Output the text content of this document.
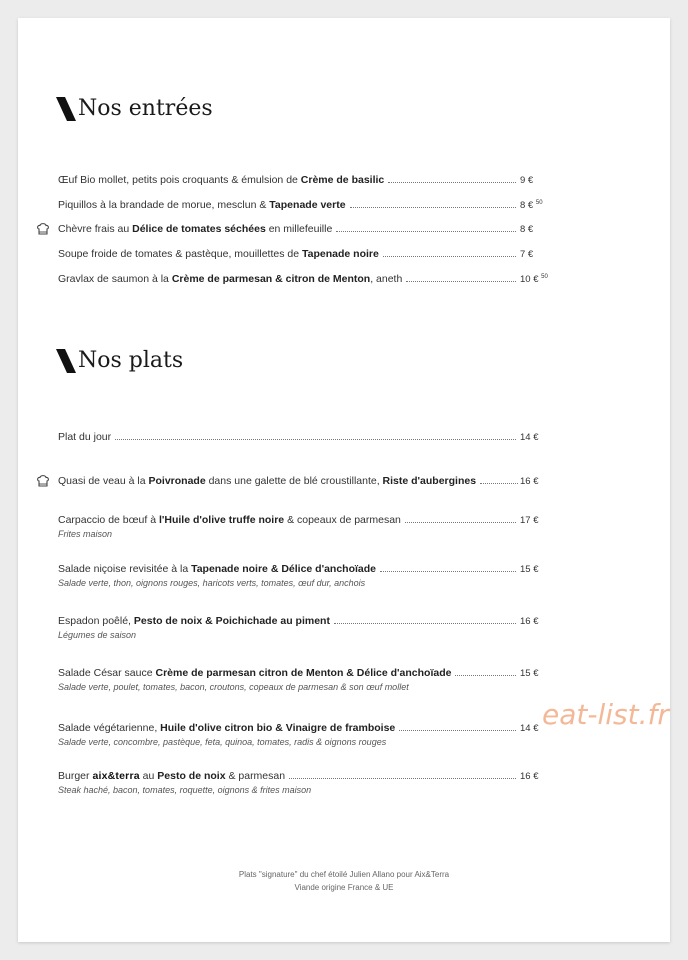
Nos entrées
Œuf Bio mollet, petits pois croquants & émulsion de Crème de basilic	9 €
Piquillos à la brandade de morue, mesclun & Tapenade verte	8 € $^{50}$
Chèvre frais au Délice de tomates séchées en millefeuille	8 €
Soupe froide de tomates & pastèque, mouillettes de Tapenade noire	7 €
Gravlax de saumon à la Crème de parmesan & citron de Menton, aneth	10 € $^{50}$
Nos plats
Plat du jour	14 €
Quasi de veau à la Poivronade dans une galette de blé croustillante, Riste d'aubergines	16 €
Carpaccio de bœuf à l'Huile d'olive truffe noire & copeaux de parmesan	17 €
Frites maison
Salade niçoise revisitée à la Tapenade noire & Délice d'anchoïade	15 €
Salade verte, thon, oignons rouges, haricots verts, tomates, œuf dur, anchois
Espadon poêlé, Pesto de noix & Poichichade au piment	16 €
Légumes de saison
Salade César sauce Crème de parmesan citron de Menton & Délice d'anchoïade	15 €
Salade verte, poulet, tomates, bacon, croutons, copeaux de parmesan & son œuf mollet
Salade végétarienne, Huile d'olive citron bio & Vinaigre de framboise	14 €
Salade verte, concombre, pastèque, feta, quinoa, tomates, radis & oignons rouges
Burger aix&terra au Pesto de noix & parmesan	16 €
Steak haché, bacon, tomates, roquette, oignons & frites maison
Plats "signature" du chef étoilé Julien Allano pour Aix&Terra
Viande origine France & UE
eat-list.fr
